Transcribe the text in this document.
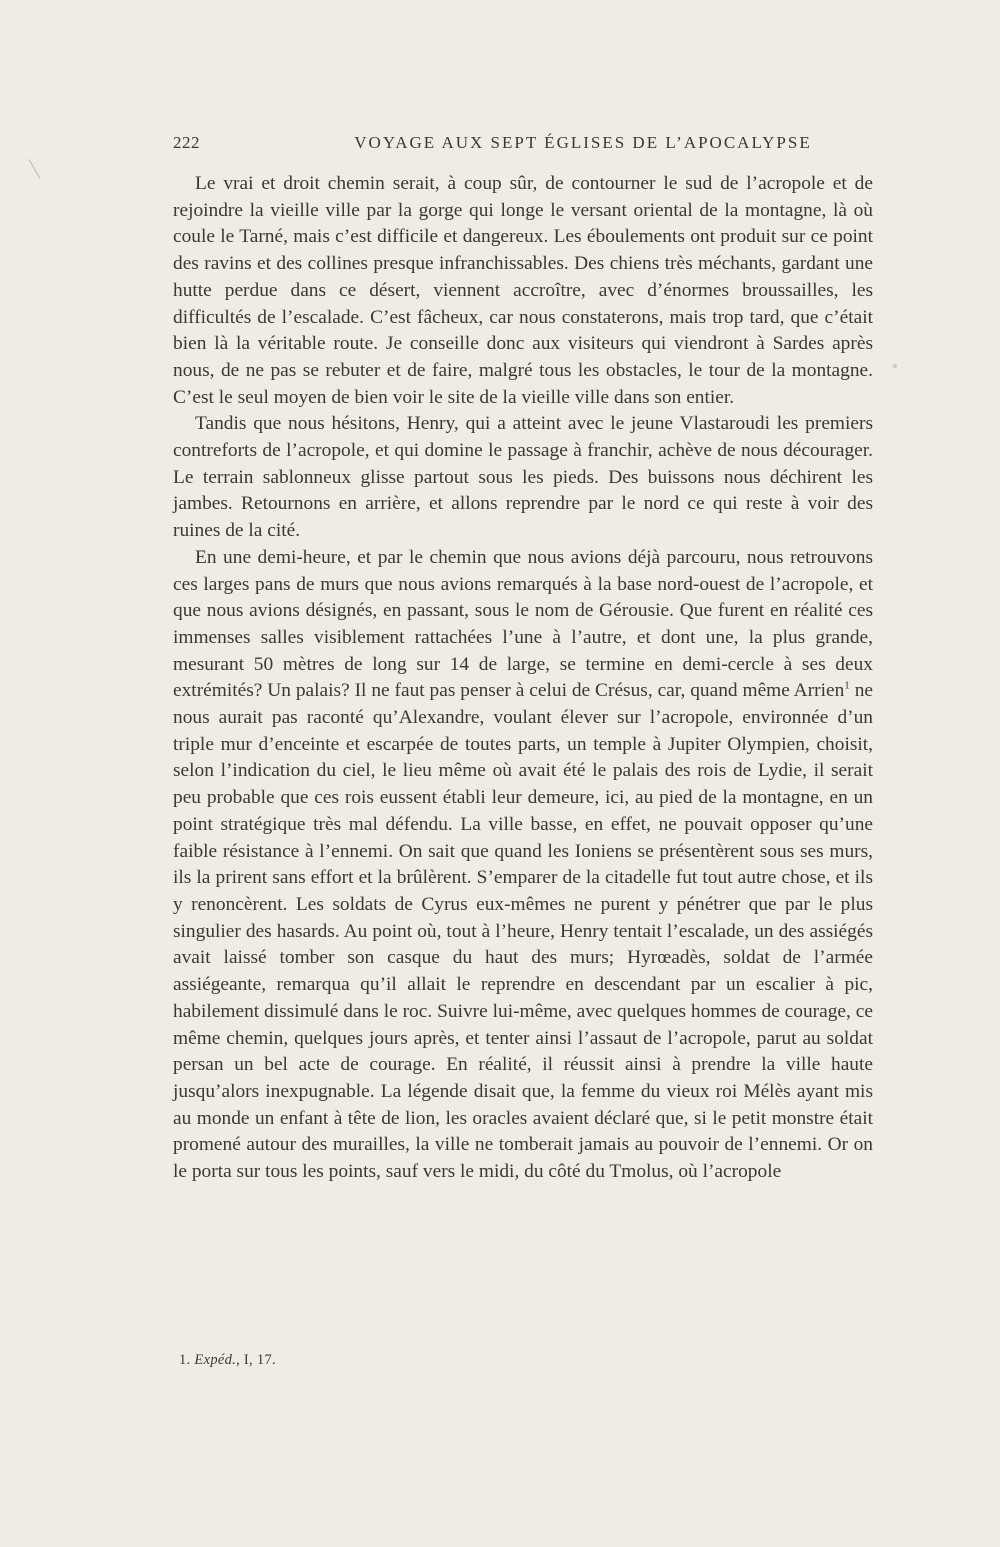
222	VOYAGE AUX SEPT ÉGLISES DE L’APOCALYPSE

Le vrai et droit chemin serait, à coup sûr, de contourner le sud de l’acropole et de rejoindre la vieille ville par la gorge qui longe le versant oriental de la montagne, là où coule le Tarné, mais c’est difficile et dangereux. Les éboulements ont produit sur ce point des ravins et des collines presque infranchissables. Des chiens très méchants, gardant une hutte perdue dans ce désert, viennent accroître, avec d’énormes broussailles, les difficultés de l’escalade. C’est fâcheux, car nous constaterons, mais trop tard, que c’était bien là la véritable route. Je conseille donc aux visiteurs qui viendront à Sardes après nous, de ne pas se rebuter et de faire, malgré tous les obstacles, le tour de la montagne. C’est le seul moyen de bien voir le site de la vieille ville dans son entier.

Tandis que nous hésitons, Henry, qui a atteint avec le jeune Vlastaroudi les premiers contreforts de l’acropole, et qui domine le passage à franchir, achève de nous décourager. Le terrain sablonneux glisse partout sous les pieds. Des buissons nous déchirent les jambes. Retournons en arrière, et allons reprendre par le nord ce qui reste à voir des ruines de la cité.

En une demi-heure, et par le chemin que nous avions déjà parcouru, nous retrouvons ces larges pans de murs que nous avions remarqués à la base nord-ouest de l’acropole, et que nous avions désignés, en passant, sous le nom de Gérousie. Que furent en réalité ces immenses salles visiblement rattachées l’une à l’autre, et dont une, la plus grande, mesurant 50 mètres de long sur 14 de large, se termine en demi-cercle à ses deux extrémités? Un palais? Il ne faut pas penser à celui de Crésus, car, quand même Arrien$^1$ ne nous aurait pas raconté qu’Alexandre, voulant élever sur l’acropole, environnée d’un triple mur d’enceinte et escarpée de toutes parts, un temple à Jupiter Olympien, choisit, selon l’indication du ciel, le lieu même où avait été le palais des rois de Lydie, il serait peu probable que ces rois eussent établi leur demeure, ici, au pied de la montagne, en un point stratégique très mal défendu. La ville basse, en effet, ne pouvait opposer qu’une faible résistance à l’ennemi. On sait que quand les Ioniens se présentèrent sous ses murs, ils la prirent sans effort et la brûlèrent. S’emparer de la citadelle fut tout autre chose, et ils y renoncèrent. Les soldats de Cyrus eux-mêmes ne purent y pénétrer que par le plus singulier des hasards. Au point où, tout à l’heure, Henry tentait l’escalade, un des assiégés avait laissé tomber son casque du haut des murs; Hyrœadès, soldat de l’armée assiégeante, remarqua qu’il allait le reprendre en descendant par un escalier à pic, habilement dissimulé dans le roc. Suivre lui-même, avec quelques hommes de courage, ce même chemin, quelques jours après, et tenter ainsi l’assaut de l’acropole, parut au soldat persan un bel acte de courage. En réalité, il réussit ainsi à prendre la ville haute jusqu’alors inexpugnable. La légende disait que, la femme du vieux roi Mélès ayant mis au monde un enfant à tête de lion, les oracles avaient déclaré que, si le petit monstre était promené autour des murailles, la ville ne tomberait jamais au pouvoir de l’ennemi. Or on le porta sur tous les points, sauf vers le midi, du côté du Tmolus, où l’acropole

1. Expéd., I, 17.
